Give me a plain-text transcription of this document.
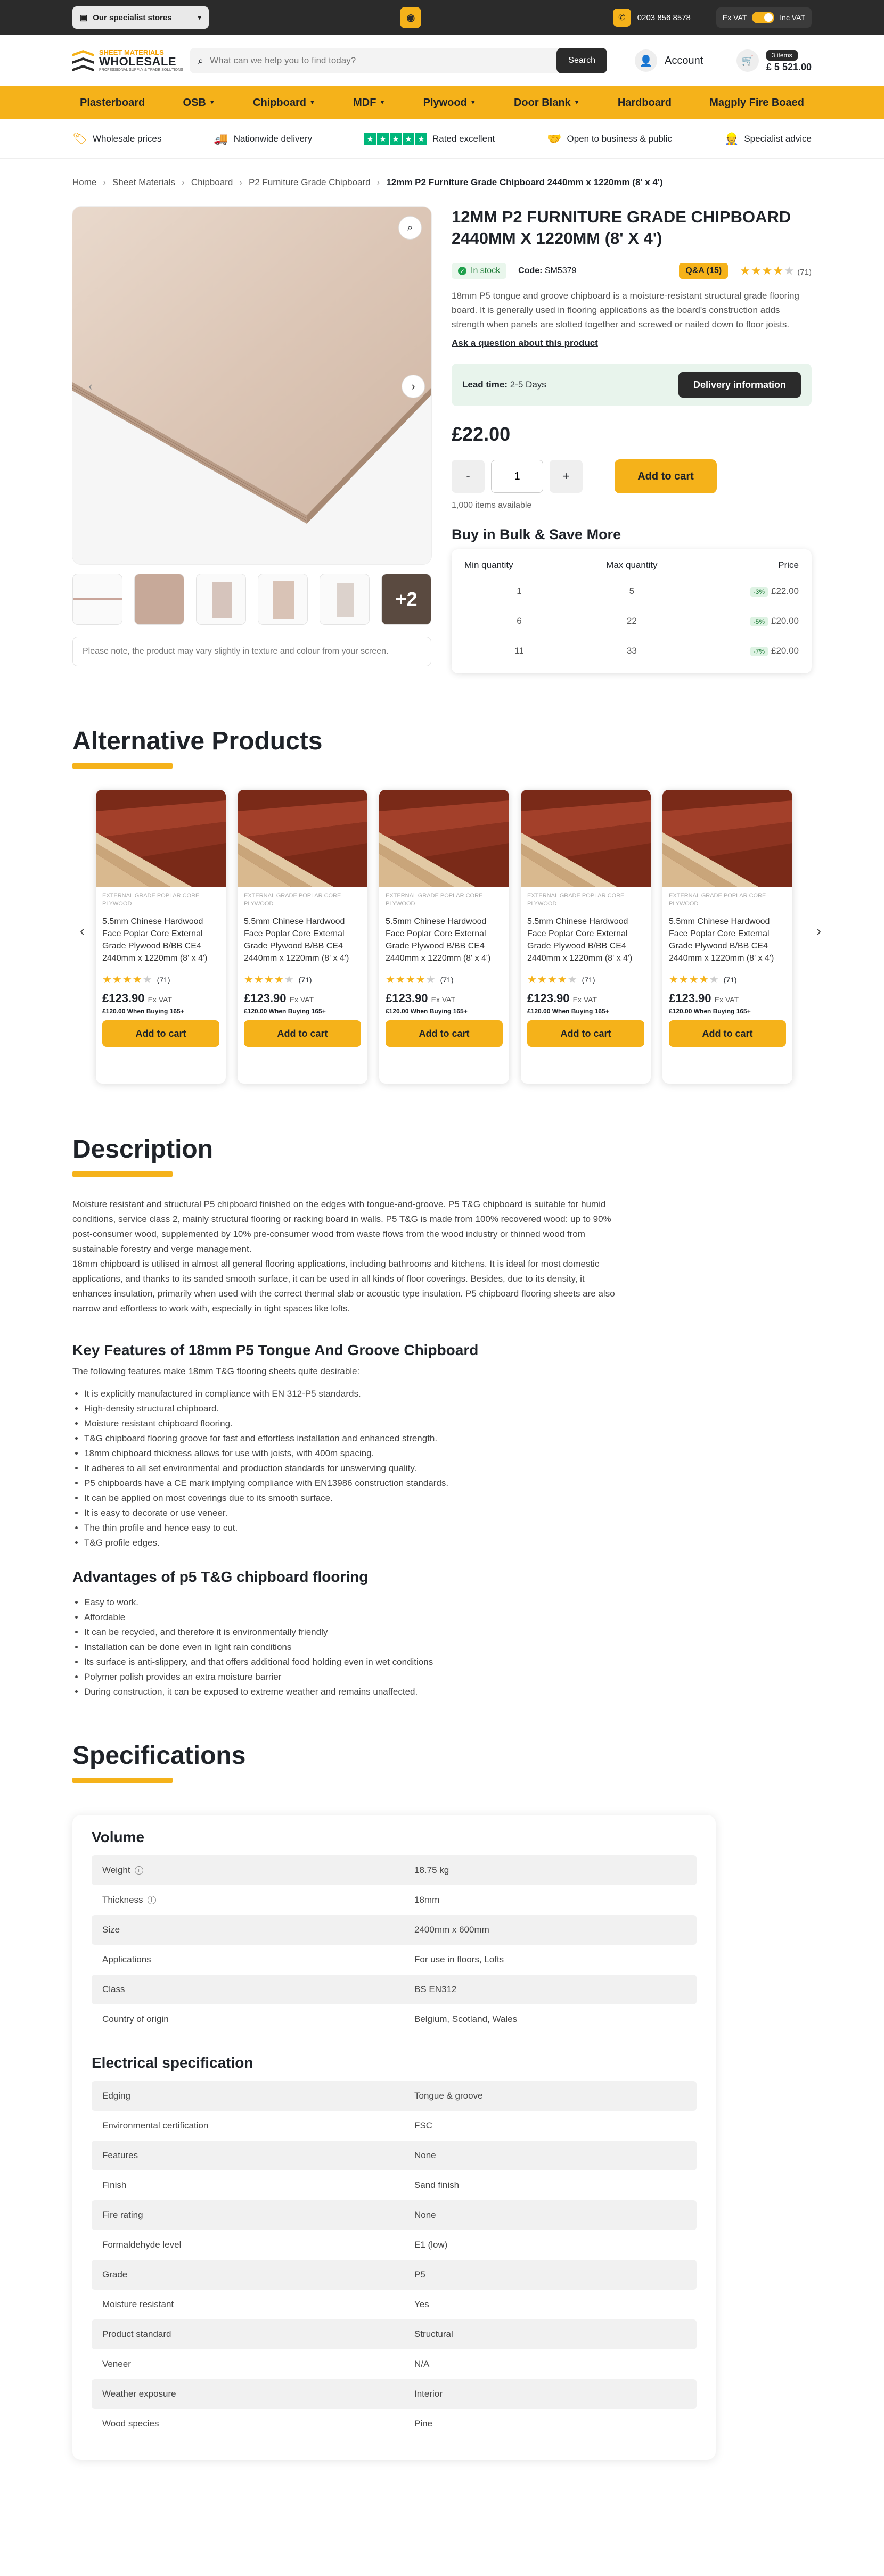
▣ Our specialist stores	▾	◉	✆	0203 856 8578	Ex VAT	Inc VAT
SHEET MATERIALS
WHOLESALE
PROFESSIONAL SUPPLY & TRADE SOLUTIONS
⌕
What can we help you to find today?	Search	👤	Account	🛒	3 items
£ 5 521.00
Plasterboard	OSB ▼	Chipboard ▼	MDF ▼	Plywood ▼	Door Blank ▼	Hardboard	Magply Fire Boaed
🏷 Wholesale prices	🚚 Nationwide delivery	★ ★ ★ ★ ★ Rated excellent	🤝 Open to business & public	👷 Specialist advice
Home › Sheet Materials › Chipboard › P2 Furniture Grade Chipboard › 12mm P2 Furniture Grade Chipboard 2440mm x 1220mm (8' x 4')
⌕
‹	›
+2
Please note, the product may vary slightly in texture and colour from your screen.
12MM P2 FURNITURE GRADE CHIPBOARD 2440MM X 1220MM (8' X 4')
✓ In stock Code: SM5379	Q&A (15)	★★★★★ (71)

18mm P5 tongue and groove chipboard is a moisture-resistant structural grade flooring board. It is generally used in flooring applications as the board's construction adds strength when panels are slotted together and screwed or nailed down to floor joists.

Ask a question about this product
Lead time: 2-5 Days	Delivery information
£22.00
-
1	+	Add to cart
1,000 items available
Buy in Bulk & Save More
Min quantity	Max quantity	Price
1	5	-3% £22.00
6	22	-5% £20.00
11	33	-7% £20.00
Alternative Products
‹	›
EXTERNAL GRADE POPLAR CORE PLYWOOD
5.5mm Chinese Hardwood Face Poplar Core External Grade Plywood B/BB CE4 2440mm x 1220mm (8' x 4')
★★★★★ (71)
£123.90 Ex VAT
£120.00 When Buying 165+
Add to cart
EXTERNAL GRADE POPLAR CORE PLYWOOD
5.5mm Chinese Hardwood Face Poplar Core External Grade Plywood B/BB CE4 2440mm x 1220mm (8' x 4')
★★★★★ (71)
£123.90 Ex VAT
£120.00 When Buying 165+
Add to cart
EXTERNAL GRADE POPLAR CORE PLYWOOD
5.5mm Chinese Hardwood Face Poplar Core External Grade Plywood B/BB CE4 2440mm x 1220mm (8' x 4')
★★★★★ (71)
£123.90 Ex VAT
£120.00 When Buying 165+
Add to cart
EXTERNAL GRADE POPLAR CORE PLYWOOD
5.5mm Chinese Hardwood Face Poplar Core External Grade Plywood B/BB CE4 2440mm x 1220mm (8' x 4')
★★★★★ (71)
£123.90 Ex VAT
£120.00 When Buying 165+
Add to cart
EXTERNAL GRADE POPLAR CORE PLYWOOD
5.5mm Chinese Hardwood Face Poplar Core External Grade Plywood B/BB CE4 2440mm x 1220mm (8' x 4')
★★★★★ (71)
£123.90 Ex VAT
£120.00 When Buying 165+
Add to cart
Description

Moisture resistant and structural P5 chipboard finished on the edges with tongue-and-groove. P5 T&G chipboard is suitable for humid conditions, service class 2, mainly structural flooring or racking board in walls. P5 T&G is made from 100% recovered wood: up to 90% post-consumer wood, supplemented by 10% pre-consumer wood from waste flows from the wood industry or thinned wood from sustainable forestry and verge management.

18mm chipboard is utilised in almost all general flooring applications, including bathrooms and kitchens. It is ideal for most domestic applications, and thanks to its sanded smooth surface, it can be used in all kinds of floor coverings. Besides, due to its density, it enhances insulation, primarily when used with the correct thermal slab or acoustic type insulation. P5 chipboard flooring sheets are also narrow and effortless to work with, especially in tight spaces like lofts.

Key Features of 18mm P5 Tongue And Groove Chipboard

The following features make 18mm T&G flooring sheets quite desirable:

• It is explicitly manufactured in compliance with EN 312-P5 standards.
• High-density structural chipboard.
• Moisture resistant chipboard flooring.
• T&G chipboard flooring groove for fast and effortless installation and enhanced strength.
• 18mm chipboard thickness allows for use with joists, with 400m spacing.
• It adheres to all set environmental and production standards for unswerving quality.
• P5 chipboards have a CE mark implying compliance with EN13986 construction standards.
• It can be applied on most coverings due to its smooth surface.
• It is easy to decorate or use veneer.
• The thin profile and hence easy to cut.
• T&G profile edges.
Advantages of p5 T&G chipboard flooring
• Easy to work.
• Affordable
• It can be recycled, and therefore it is environmentally friendly
• Installation can be done even in light rain conditions
• Its surface is anti-slippery, and that offers additional food holding even in wet conditions
• Polymer polish provides an extra moisture barrier
• During construction, it can be exposed to extreme weather and remains unaffected.
Specifications
Volume
Weight	i	18.75 kg
Thickness	i	18mm
Size	2400mm x 600mm
Applications	For use in floors, Lofts
Class	BS EN312
Country of origin	Belgium, Scotland, Wales
Electrical specification
Edging	Tongue & groove
Environmental certification	FSC
Features	None
Finish	Sand finish
Fire rating	None
Formaldehyde level	E1 (low)
Grade	P5
Moisture resistant	Yes
Product standard	Structural
Veneer	N/A
Weather exposure	Interior
Wood species	Pine
